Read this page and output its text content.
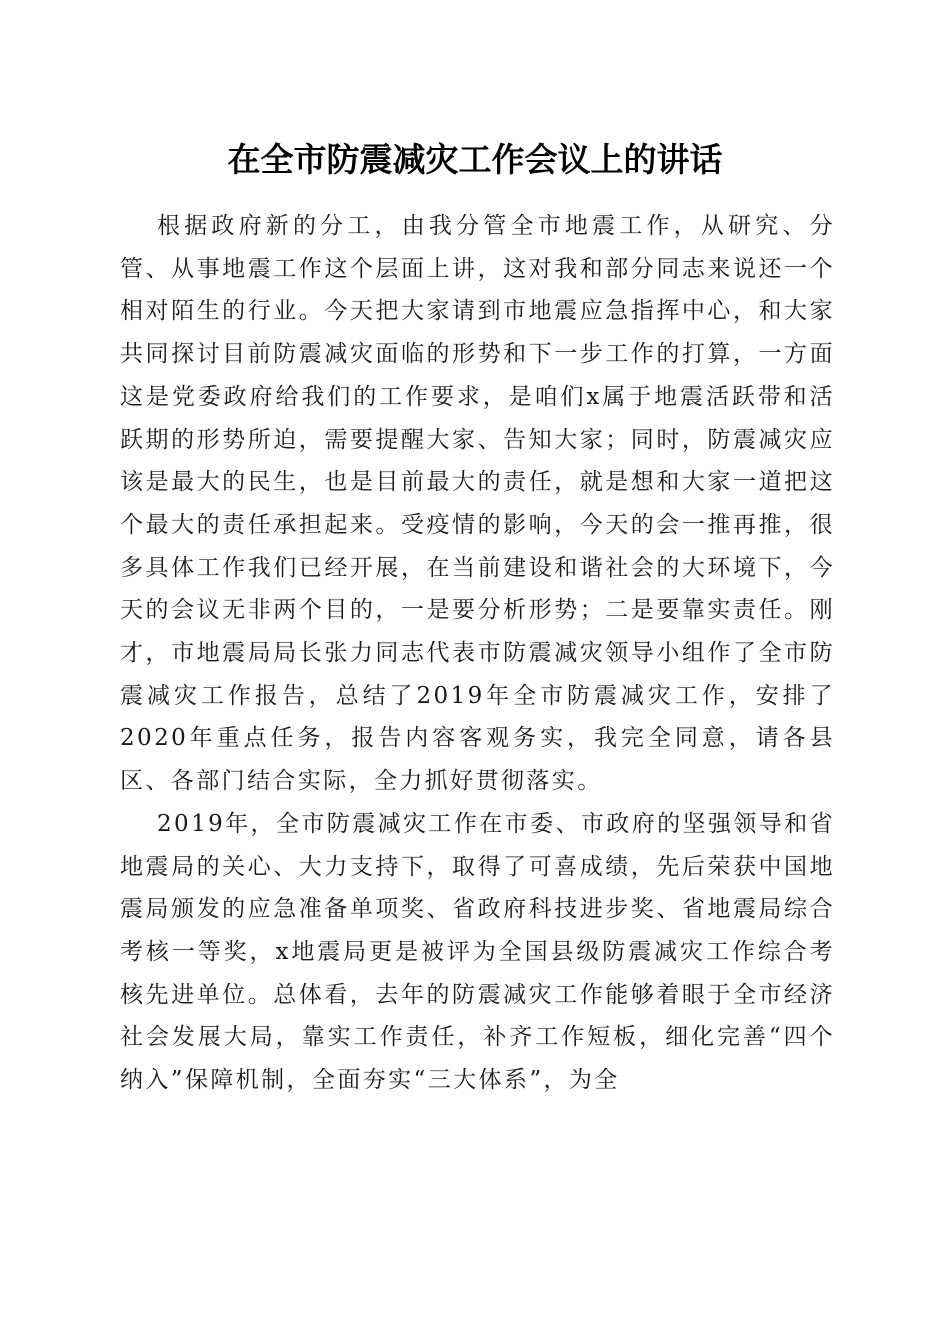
在全市防震减灾工作会议上的讲话

根据政府新的分工，由我分管全市地震工作，从研究、分管、从事地震工作这个层面上讲，这对我和部分同志来说还一个相对陌生的行业。今天把大家请到市地震应急指挥中心，和大家共同探讨目前防震减灾面临的形势和下一步工作的打算，一方面这是党委政府给我们的工作要求，是咱们x属于地震活跃带和活跃期的形势所迫，需要提醒大家、告知大家；同时，防震减灾应该是最大的民生，也是目前最大的责任，就是想和大家一道把这个最大的责任承担起来。受疫情的影响，今天的会一推再推，很多具体工作我们已经开展，在当前建设和谐社会的大环境下，今天的会议无非两个目的，一是要分析形势；二是要靠实责任。刚才，市地震局局长张力同志代表市防震减灾领导小组作了全市防震减灾工作报告，总结了2019年全市防震减灾工作，安排了2020年重点任务，报告内容客观务实，我完全同意，请各县区、各部门结合实际，全力抓好贯彻落实。

2019年，全市防震减灾工作在市委、市政府的坚强领导和省地震局的关心、大力支持下，取得了可喜成绩，先后荣获中国地震局颁发的应急准备单项奖、省政府科技进步奖、省地震局综合考核一等奖，x地震局更是被评为全国县级防震减灾工作综合考核先进单位。总体看，去年的防震减灾工作能够着眼于全市经济社会发展大局，靠实工作责任，补齐工作短板，细化完善“四个纳入”保障机制，全面夯实“三大体系”，为全
